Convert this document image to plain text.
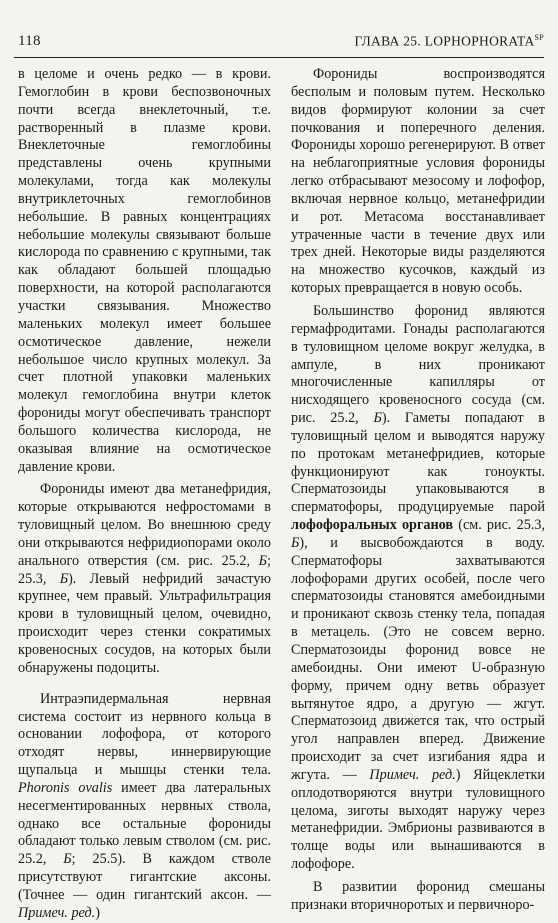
118	ГЛАВА 25. $LOPHOPHORATA^{SP}$

в целоме и очень редко — в крови. Гемоглобин в крови беспозвоночных почти всегда внеклеточный, т.е. растворенный в плазме крови. Внеклеточные гемоглобины представлены очень крупными молекулами, тогда как молекулы внутриклеточных гемоглобинов небольшие. В равных концентрациях небольшие молекулы связывают больше кислорода по сравнению с крупными, так как обладают большей площадью поверхности, на которой располагаются участки связывания. Множество маленьких молекул имеет большее осмотическое давление, нежели небольшое число крупных молекул. За счет плотной упаковки маленьких молекул гемоглобина внутри клеток форониды могут обеспечивать транспорт большого количества кислорода, не оказывая влияние на осмотическое давление крови.

Форониды имеют два метанефридия, которые открываются нефростомами в туловищный целом. Во внешнюю среду они открываются нефридиопорами около анального отверстия (см. рис. 25.2, Б; 25.3, Б). Левый нефридий зачастую крупнее, чем правый. Ультрафильтрация крови в туловищный целом, очевидно, происходит через стенки сократимых кровеносных сосудов, на которых были обнаружены подоциты.

Интраэпидермальная нервная система состоит из нервного кольца в основании лофофора, от которого отходят нервы, иннервирующие щупальца и мышцы стенки тела. Phoronis ovalis имеет два латеральных несегментированных нервных ствола, однако все остальные форониды обладают только левым стволом (см. рис. 25.2, Б; 25.5). В каждом стволе присутствуют гигантские аксоны. (Точнее — один гигантский аксон. — Примеч. ред.)

Форониды воспроизводятся бесполым и половым путем. Несколько видов формируют колонии за счет почкования и поперечного деления. Форониды хорошо регенерируют. В ответ на неблагоприятные условия форониды легко отбрасывают мезосому и лофофор, включая нервное кольцо, метанефридии и рот. Метасома восстанавливает утраченные части в течение двух или трех дней. Некоторые виды разделяются на множество кусочков, каждый из которых превращается в новую особь.

Большинство форонид являются гермафродитами. Гонады располагаются в туловищном целоме вокруг желудка, в ампуле, в них проникают многочисленные капилляры от нисходящего кровеносного сосуда (см. рис. 25.2, Б). Гаметы попадают в туловищный целом и выводятся наружу по протокам метанефридиев, которые функционируют как гоноукты. Сперматозоиды упаковываются в сперматофоры, продуцируемые парой лофофоральных органов (см. рис. 25.3, Б), и высвобождаются в воду. Сперматофоры захватываются лофофорами других особей, после чего сперматозоиды становятся амебоидными и проникают сквозь стенку тела, попадая в метацель. (Это не совсем верно. Сперматозоиды форонид вовсе не амебоидны. Они имеют U-образную форму, причем одну ветвь образует вытянутое ядро, а другую — жгут. Сперматозоид движется так, что острый угол направлен вперед. Движение происходит за счет изгибания ядра и жгута. — Примеч. ред.) Яйцеклетки оплодотворяются внутри туловищного целома, зиготы выходят наружу через метанефридии. Эмбрионы развиваются в толще воды или вынашиваются в лофофоре.

В развитии форонид смешаны признаки вторичноротых и первичноро-
